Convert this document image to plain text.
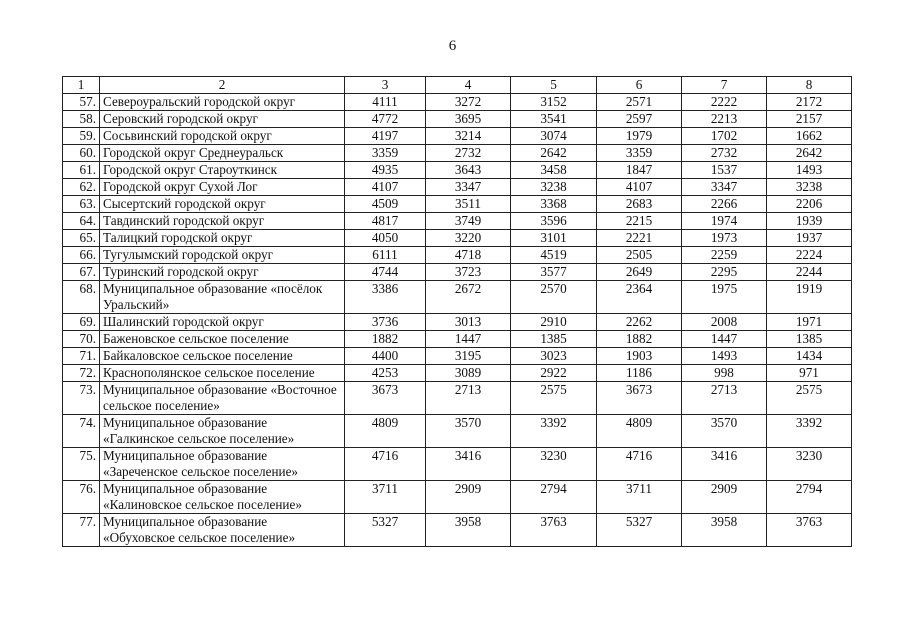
6
1	2	3	4	5	6	7	8
57.	Североуральский городской округ	4111	3272	3152	2571	2222	2172
58.	Серовский городской округ	4772	3695	3541	2597	2213	2157
59.	Сосьвинский городской округ	4197	3214	3074	1979	1702	1662
60.	Городской округ Среднеуральск	3359	2732	2642	3359	2732	2642
61.	Городской округ Староуткинск	4935	3643	3458	1847	1537	1493
62.	Городской округ Сухой Лог	4107	3347	3238	4107	3347	3238
63.	Сысертский городской округ	4509	3511	3368	2683	2266	2206
64.	Тавдинский городской округ	4817	3749	3596	2215	1974	1939
65.	Талицкий городской округ	4050	3220	3101	2221	1973	1937
66.	Тугулымский городской округ	6111	4718	4519	2505	2259	2224
67.	Туринский городской округ	4744	3723	3577	2649	2295	2244
68.	Муниципальное образование «посёлок Уральский»	3386	2672	2570	2364	1975	1919
69.	Шалинский городской округ	3736	3013	2910	2262	2008	1971
70.	Баженовское сельское поселение	1882	1447	1385	1882	1447	1385
71.	Байкаловское сельское поселение	4400	3195	3023	1903	1493	1434
72.	Краснополянское сельское поселение	4253	3089	2922	1186	998	971
73.	Муниципальное образование «Восточное сельское поселение»	3673	2713	2575	3673	2713	2575
74.	Муниципальное образование «Галкинское сельское поселение»	4809	3570	3392	4809	3570	3392
75.	Муниципальное образование «Зареченское сельское поселение»	4716	3416	3230	4716	3416	3230
76.	Муниципальное образование «Калиновское сельское поселение»	3711	2909	2794	3711	2909	2794
77.	Муниципальное образование «Обуховское сельское поселение»	5327	3958	3763	5327	3958	3763
